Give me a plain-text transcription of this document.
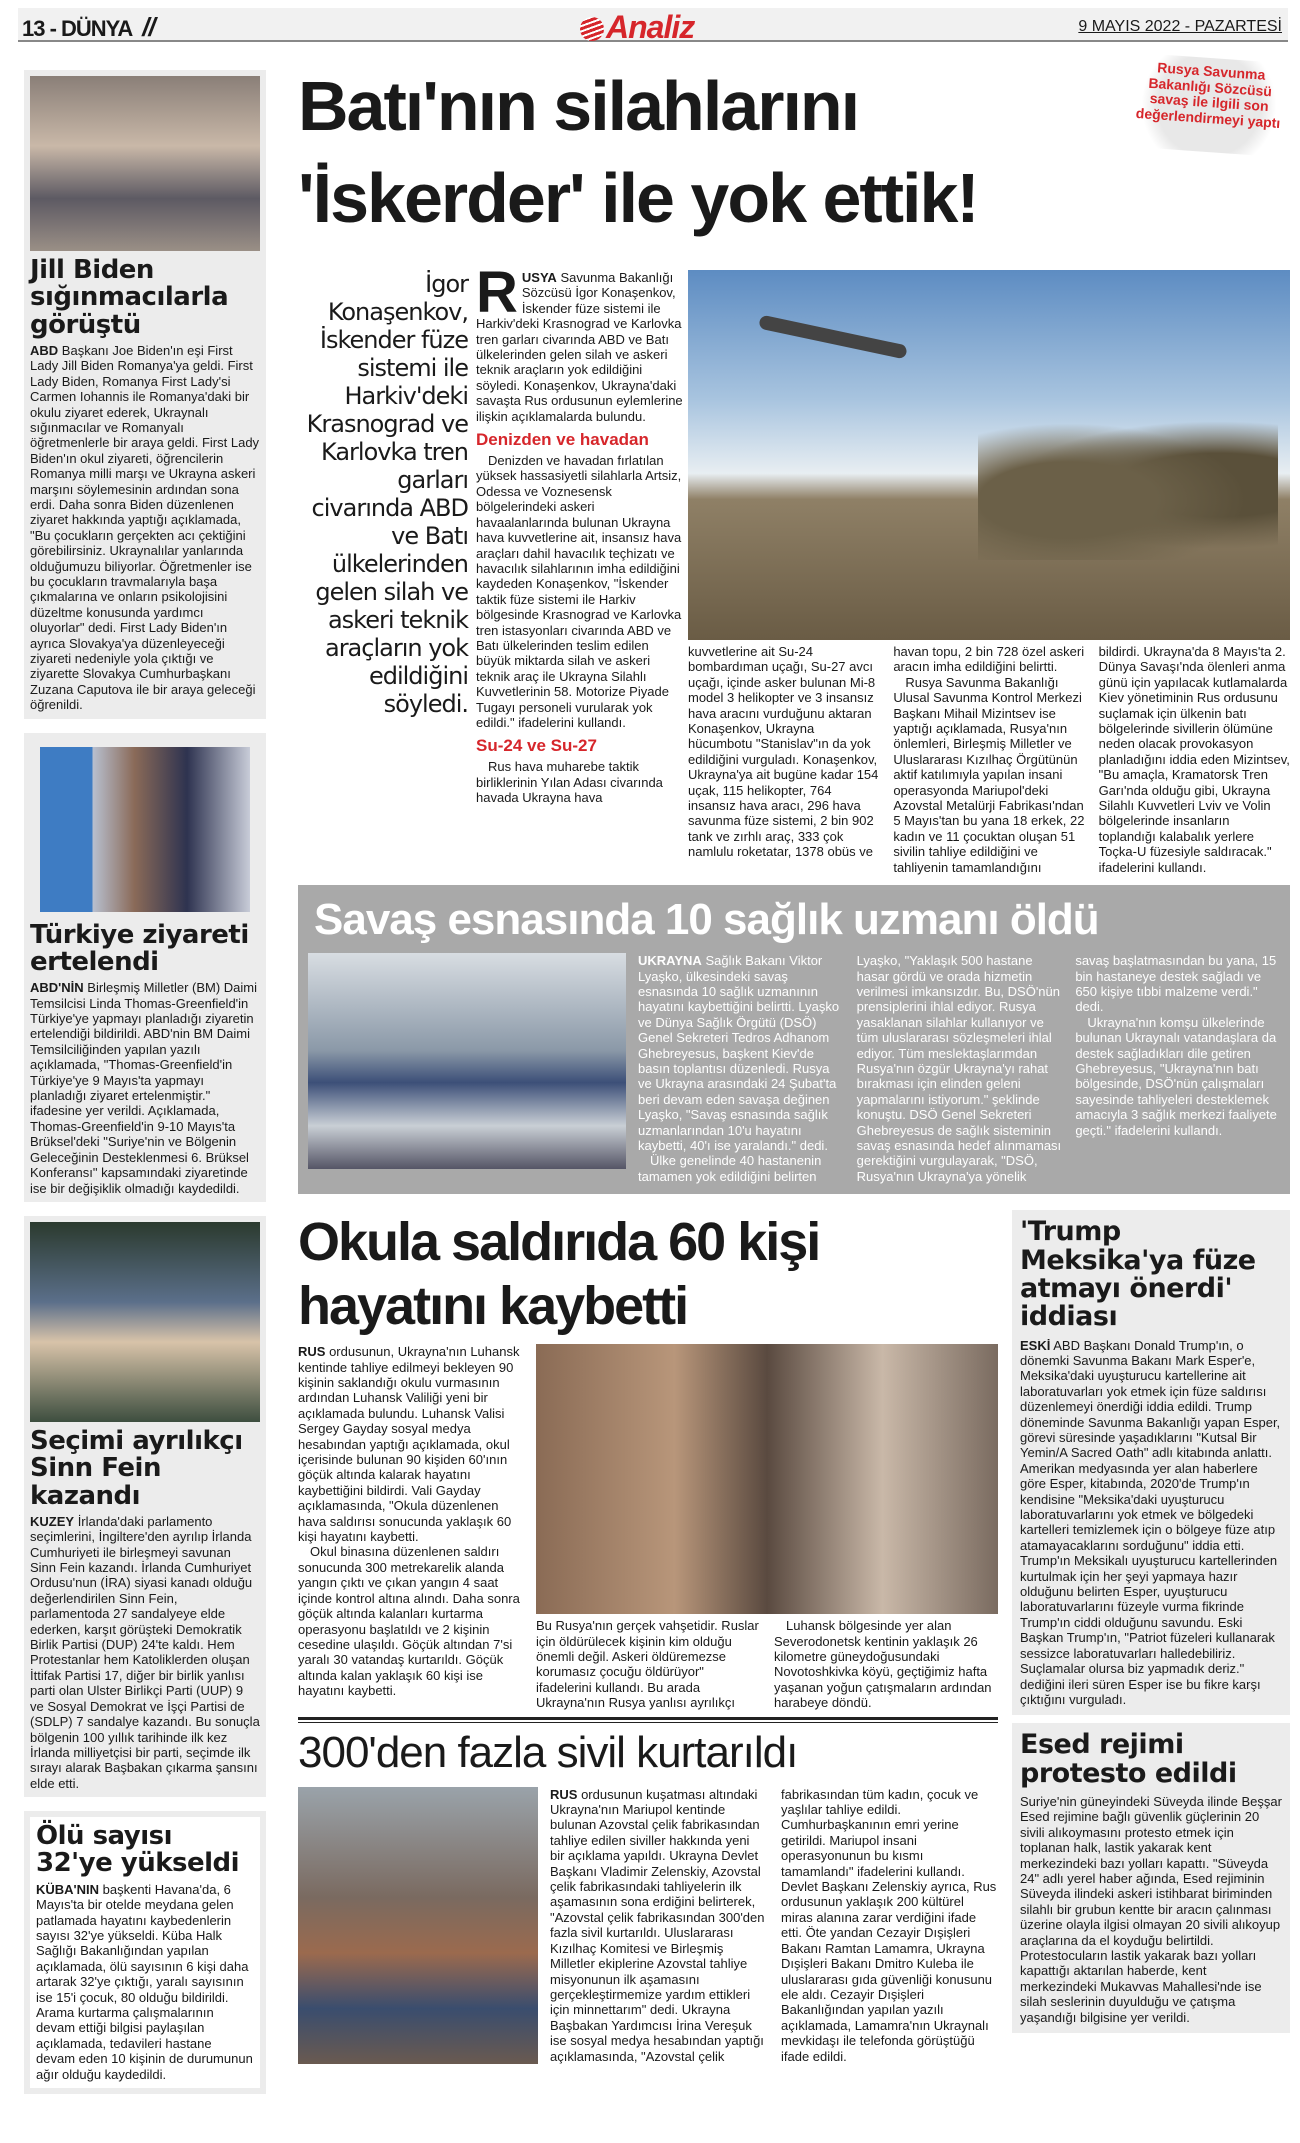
13 - DÜNYA //	Analiz	9 MAYIS 2022 - PAZARTESİ
Jill Biden sığınmacılarla görüştü

ABD Başkanı Joe Biden'ın eşi First Lady Jill Biden Romanya'ya geldi. First Lady Biden, Romanya First Lady'si Carmen Iohannis ile Romanya'daki bir okulu ziyaret ederek, Ukraynalı sığınmacılar ve Romanyalı öğretmenlerle bir araya geldi. First Lady Biden'ın okul ziyareti, öğrencilerin Romanya milli marşı ve Ukrayna askeri marşını söylemesinin ardından sona erdi. Daha sonra Biden düzenlenen ziyaret hakkında yaptığı açıklamada, "Bu çocukların gerçekten acı çektiğini görebilirsiniz. Ukraynalılar yanlarında olduğumuzu biliyorlar. Öğretmenler ise bu çocukların travmalarıyla başa çıkmalarına ve onların psikolojisini düzeltme konusunda yardımcı oluyorlar" dedi. First Lady Biden'ın ayrıca Slovakya'ya düzenleyeceği ziyareti nedeniyle yola çıktığı ve ziyarette Slovakya Cumhurbaşkanı Zuzana Caputova ile bir araya geleceği öğrenildi.

Türkiye ziyareti ertelendi

ABD'NİN Birleşmiş Milletler (BM) Daimi Temsilcisi Linda Thomas-Greenfield'in Türkiye'ye yapmayı planladığı ziyaretin ertelendiği bildirildi. ABD'nin BM Daimi Temsilciliğinden yapılan yazılı açıklamada, "Thomas-Greenfield'in Türkiye'ye 9 Mayıs'ta yapmayı planladığı ziyaret ertelenmiştir." ifadesine yer verildi. Açıklamada, Thomas-Greenfield'in 9-10 Mayıs'ta Brüksel'deki "Suriye'nin ve Bölgenin Geleceğinin Desteklenmesi 6. Brüksel Konferansı" kapsamındaki ziyaretinde ise bir değişiklik olmadığı kaydedildi.

Seçimi ayrılıkçı Sinn Fein kazandı

KUZEY İrlanda'daki parlamento seçimlerini, İngiltere'den ayrılıp İrlanda Cumhuriyeti ile birleşmeyi savunan Sinn Fein kazandı. İrlanda Cumhuriyet Ordusu'nun (İRA) siyasi kanadı olduğu değerlendirilen Sinn Fein, parlamentoda 27 sandalyeye elde ederken, karşıt görüşteki Demokratik Birlik Partisi (DUP) 24'te kaldı. Hem Protestanlar hem Katoliklerden oluşan İttifak Partisi 17, diğer bir birlik yanlısı parti olan Ulster Birlikçi Parti (UUP) 9 ve Sosyal Demokrat ve İşçi Partisi de (SDLP) 7 sandalye kazandı. Bu sonuçla bölgenin 100 yıllık tarihinde ilk kez İrlanda milliyetçisi bir parti, seçimde ilk sırayı alarak Başbakan çıkarma şansını elde etti.

Ölü sayısı 32'ye yükseldi

KÜBA'NIN başkenti Havana'da, 6 Mayıs'ta bir otelde meydana gelen patlamada hayatını kaybedenlerin sayısı 32'ye yükseldi. Küba Halk Sağlığı Bakanlığından yapılan açıklamada, ölü sayısının 6 kişi daha artarak 32'ye çıktığı, yaralı sayısının ise 15'i çocuk, 80 olduğu bildirildi. Arama kurtarma çalışmalarının devam ettiği bilgisi paylaşılan açıklamada, tedavileri hastane devam eden 10 kişinin de durumunun ağır olduğu kaydedildi.

Batı'nın silahlarını
'İskerder' ile yok ettik!
Rusya Savunma Bakanlığı Sözcüsü savaş ile ilgili son değerlendirmeyi yaptı
İgor Konaşenkov, İskender füze sistemi ile Harkiv'deki Krasnograd ve Karlovka tren garları civarında ABD ve Batı ülkelerinden gelen silah ve askeri teknik araçların yok edildiğini söyledi.

RUSYA Savunma Bakanlığı Sözcüsü İgor Konaşenkov, İskender füze sistemi ile Harkiv'deki Krasnograd ve Karlovka tren garları civarında ABD ve Batı ülkelerinden gelen silah ve askeri teknik araçların yok edildiğini söyledi. Konaşenkov, Ukrayna'daki savaşta Rus ordusunun eylemlerine ilişkin açıklamalarda bulundu.

Denizden ve havadan

Denizden ve havadan fırlatılan yüksek hassasiyetli silahlarla Artsiz, Odessa ve Voznesensk bölgelerindeki askeri havaalanlarında bulunan Ukrayna hava kuvvetlerine ait, insansız hava araçları dahil havacılık teçhizatı ve havacılık silahlarının imha edildiğini kaydeden Konaşenkov, "İskender taktik füze sistemi ile Harkiv bölgesinde Krasnograd ve Karlovka tren istasyonları civarında ABD ve Batı ülkelerinden teslim edilen büyük miktarda silah ve askeri teknik araç ile Ukrayna Silahlı Kuvvetlerinin 58. Motorize Piyade Tugayı personeli vurularak yok edildi." ifadelerini kullandı.

Su-24 ve Su-27

Rus hava muharebe taktik birliklerinin Yılan Adası civarında havada Ukrayna hava

kuvvetlerine ait Su-24 bombardıman uçağı, Su-27 avcı uçağı, içinde asker bulunan Mi-8 model 3 helikopter ve 3 insansız hava aracını vurduğunu aktaran Konaşenkov, Ukrayna hücumbotu "Stanislav"ın da yok edildiğini vurguladı. Konaşenkov, Ukrayna'ya ait bugüne kadar 154 uçak, 115 helikopter, 764 insansız hava aracı, 296 hava savunma füze sistemi, 2 bin 902 tank ve zırhlı araç, 333 çok namlulu roketatar, 1378 obüs ve havan topu, 2 bin 728 özel askeri aracın imha edildiğini belirtti.

Rusya Savunma Bakanlığı Ulusal Savunma Kontrol Merkezi Başkanı Mihail Mizintsev ise yaptığı açıklamada, Rusya'nın önlemleri, Birleşmiş Milletler ve Uluslararası Kızılhaç Örgütünün aktif katılımıyla yapılan insani operasyonda Mariupol'deki Azovstal Metalürji Fabrikası'ndan 5 Mayıs'tan bu yana 18 erkek, 22 kadın ve 11 çocuktan oluşan 51 sivilin tahliye edildiğini ve tahliyenin tamamlandığını bildirdi. Ukrayna'da 8 Mayıs'ta 2. Dünya Savaşı'nda ölenleri anma günü için yapılacak kutlamalarda Kiev yönetiminin Rus ordusunu suçlamak için ülkenin batı bölgelerinde sivillerin ölümüne neden olacak provokasyon planladığını iddia eden Mizintsev, "Bu amaçla, Kramatorsk Tren Garı'nda olduğu gibi, Ukrayna Silahlı Kuvvetleri Lviv ve Volin bölgelerinde insanların toplandığı kalabalık yerlere Toçka-U füzesiyle saldıracak." ifadelerini kullandı.

Savaş esnasında 10 sağlık uzmanı öldü

UKRAYNA Sağlık Bakanı Viktor Lyaşko, ülkesindeki savaş esnasında 10 sağlık uzmanının hayatını kaybettiğini belirtti. Lyaşko ve Dünya Sağlık Örgütü (DSÖ) Genel Sekreteri Tedros Adhanom Ghebreyesus, başkent Kiev'de basın toplantısı düzenledi. Rusya ve Ukrayna arasındaki 24 Şubat'ta beri devam eden savaşa değinen Lyaşko, "Savaş esnasında sağlık uzmanlarından 10'u hayatını kaybetti, 40'ı ise yaralandı." dedi.

Ülke genelinde 40 hastanenin tamamen yok edildiğini belirten Lyaşko, "Yaklaşık 500 hastane hasar gördü ve orada hizmetin verilmesi imkansızdır. Bu, DSÖ'nün prensiplerini ihlal ediyor. Rusya yasaklanan silahlar kullanıyor ve tüm uluslararası sözleşmeleri ihlal ediyor. Tüm meslektaşlarımdan Rusya'nın özgür Ukrayna'yı rahat bırakması için elinden geleni yapmalarını istiyorum." şeklinde konuştu. DSÖ Genel Sekreteri Ghebreyesus de sağlık sisteminin savaş esnasında hedef alınmaması gerektiğini vurgulayarak, "DSÖ, Rusya'nın Ukrayna'ya yönelik savaş başlatmasından bu yana, 15 bin hastaneye destek sağladı ve 650 kişiye tıbbi malzeme verdi." dedi.

Ukrayna'nın komşu ülkelerinde bulunan Ukraynalı vatandaşlara da destek sağladıkları dile getiren Ghebreyesus, "Ukrayna'nın batı bölgesinde, DSÖ'nün çalışmaları sayesinde tahliyeleri desteklemek amacıyla 3 sağlık merkezi faaliyete geçti." ifadelerini kullandı.

Okula saldırıda 60 kişi
hayatını kaybetti

RUS ordusunun, Ukrayna'nın Luhansk kentinde tahliye edilmeyi bekleyen 90 kişinin saklandığı okulu vurmasının ardından Luhansk Valiliği yeni bir açıklamada bulundu. Luhansk Valisi Sergey Gayday sosyal medya hesabından yaptığı açıklamada, okul içerisinde bulunan 90 kişiden 60'ının göçük altında kalarak hayatını kaybettiğini bildirdi. Vali Gayday açıklamasında, "Okula düzenlenen hava saldırısı sonucunda yaklaşık 60 kişi hayatını kaybetti.

Okul binasına düzenlenen saldırı sonucunda 300 metrekarelik alanda yangın çıktı ve çıkan yangın 4 saat içinde kontrol altına alındı. Daha sonra göçük altında kalanları kurtarma operasyonu başlatıldı ve 2 kişinin cesedine ulaşıldı. Göçük altından 7'si yaralı 30 vatandaş kurtarıldı. Göçük altında kalan yaklaşık 60 kişi ise hayatını kaybetti.

Bu Rusya'nın gerçek vahşetidir. Ruslar için öldürülecek kişinin kim olduğu önemli değil. Askeri öldüremezse korumasız çocuğu öldürüyor" ifadelerini kullandı. Bu arada Ukrayna'nın Rusya yanlısı ayrılıkçı

Luhansk bölgesinde yer alan Severodonetsk kentinin yaklaşık 26 kilometre güneydoğusundaki Novotoshkivka köyü, geçtiğimiz hafta yaşanan yoğun çatışmaların ardından harabeye döndü.

300'den fazla sivil kurtarıldı

RUS ordusunun kuşatması altındaki Ukrayna'nın Mariupol kentinde bulunan Azovstal çelik fabrikasından tahliye edilen siviller hakkında yeni bir açıklama yapıldı. Ukrayna Devlet Başkanı Vladimir Zelenskiy, Azovstal çelik fabrikasındaki tahliyelerin ilk aşamasının sona erdiğini belirterek, "Azovstal çelik fabrikasından 300'den fazla sivil kurtarıldı. Uluslararası Kızılhaç Komitesi ve Birleşmiş Milletler ekiplerine Azovstal tahliye misyonunun ilk aşamasını gerçekleştirmemize yardım ettikleri için minnettarım" dedi. Ukrayna Başbakan Yardımcısı İrina Vereşuk ise sosyal medya hesabından yaptığı açıklamasında, "Azovstal çelik fabrikasından tüm kadın, çocuk ve yaşlılar tahliye edildi. Cumhurbaşkanının emri yerine getirildi. Mariupol insani operasyonunun bu kısmı tamamlandı" ifadelerini kullandı. Devlet Başkanı Zelenskiy ayrıca, Rus ordusunun yaklaşık 200 kültürel miras alanına zarar verdiğini ifade etti. Öte yandan Cezayir Dışişleri Bakanı Ramtan Lamamra, Ukrayna Dışişleri Bakanı Dmitro Kuleba ile uluslararası gıda güvenliği konusunu ele aldı. Cezayir Dışişleri Bakanlığından yapılan yazılı açıklamada, Lamamra'nın Ukraynalı mevkidaşı ile telefonda görüştüğü ifade edildi.

'Trump Meksika'ya füze atmayı önerdi' iddiası

ESKİ ABD Başkanı Donald Trump'ın, o dönemki Savunma Bakanı Mark Esper'e, Meksika'daki uyuşturucu kartellerine ait laboratuvarları yok etmek için füze saldırısı düzenlemeyi önerdiği iddia edildi. Trump döneminde Savunma Bakanlığı yapan Esper, görevi süresinde yaşadıklarını "Kutsal Bir Yemin/A Sacred Oath" adlı kitabında anlattı. Amerikan medyasında yer alan haberlere göre Esper, kitabında, 2020'de Trump'ın kendisine "Meksika'daki uyuşturucu laboratuvarlarını yok etmek ve bölgedeki kartelleri temizlemek için o bölgeye füze atıp atamayacaklarını sorduğunu" iddia etti. Trump'ın Meksikalı uyuşturucu kartellerinden kurtulmak için her şeyi yapmaya hazır olduğunu belirten Esper, uyuşturucu laboratuvarlarını füzeyle vurma fikrinde Trump'ın ciddi olduğunu savundu. Eski Başkan Trump'ın, "Patriot füzeleri kullanarak sessizce laboratuvarları halledebiliriz. Suçlamalar olursa biz yapmadık deriz." dediğini ileri süren Esper ise bu fikre karşı çıktığını vurguladı.

Esed rejimi protesto edildi

Suriye'nin güneyindeki Süveyda ilinde Beşşar Esed rejimine bağlı güvenlik güçlerinin 20 sivili alıkoymasını protesto etmek için toplanan halk, lastik yakarak kent merkezindeki bazı yolları kapattı. "Süveyda 24" adlı yerel haber ağında, Esed rejiminin Süveyda ilindeki askeri istihbarat biriminden silahlı bir grubun kentte bir aracın çalınması üzerine olayla ilgisi olmayan 20 sivili alıkoyup araçlarına da el koyduğu belirtildi. Protestocuların lastik yakarak bazı yolları kapattığı aktarılan haberde, kent merkezindeki Mukavvas Mahallesi'nde ise silah seslerinin duyulduğu ve çatışma yaşandığı bilgisine yer verildi.
